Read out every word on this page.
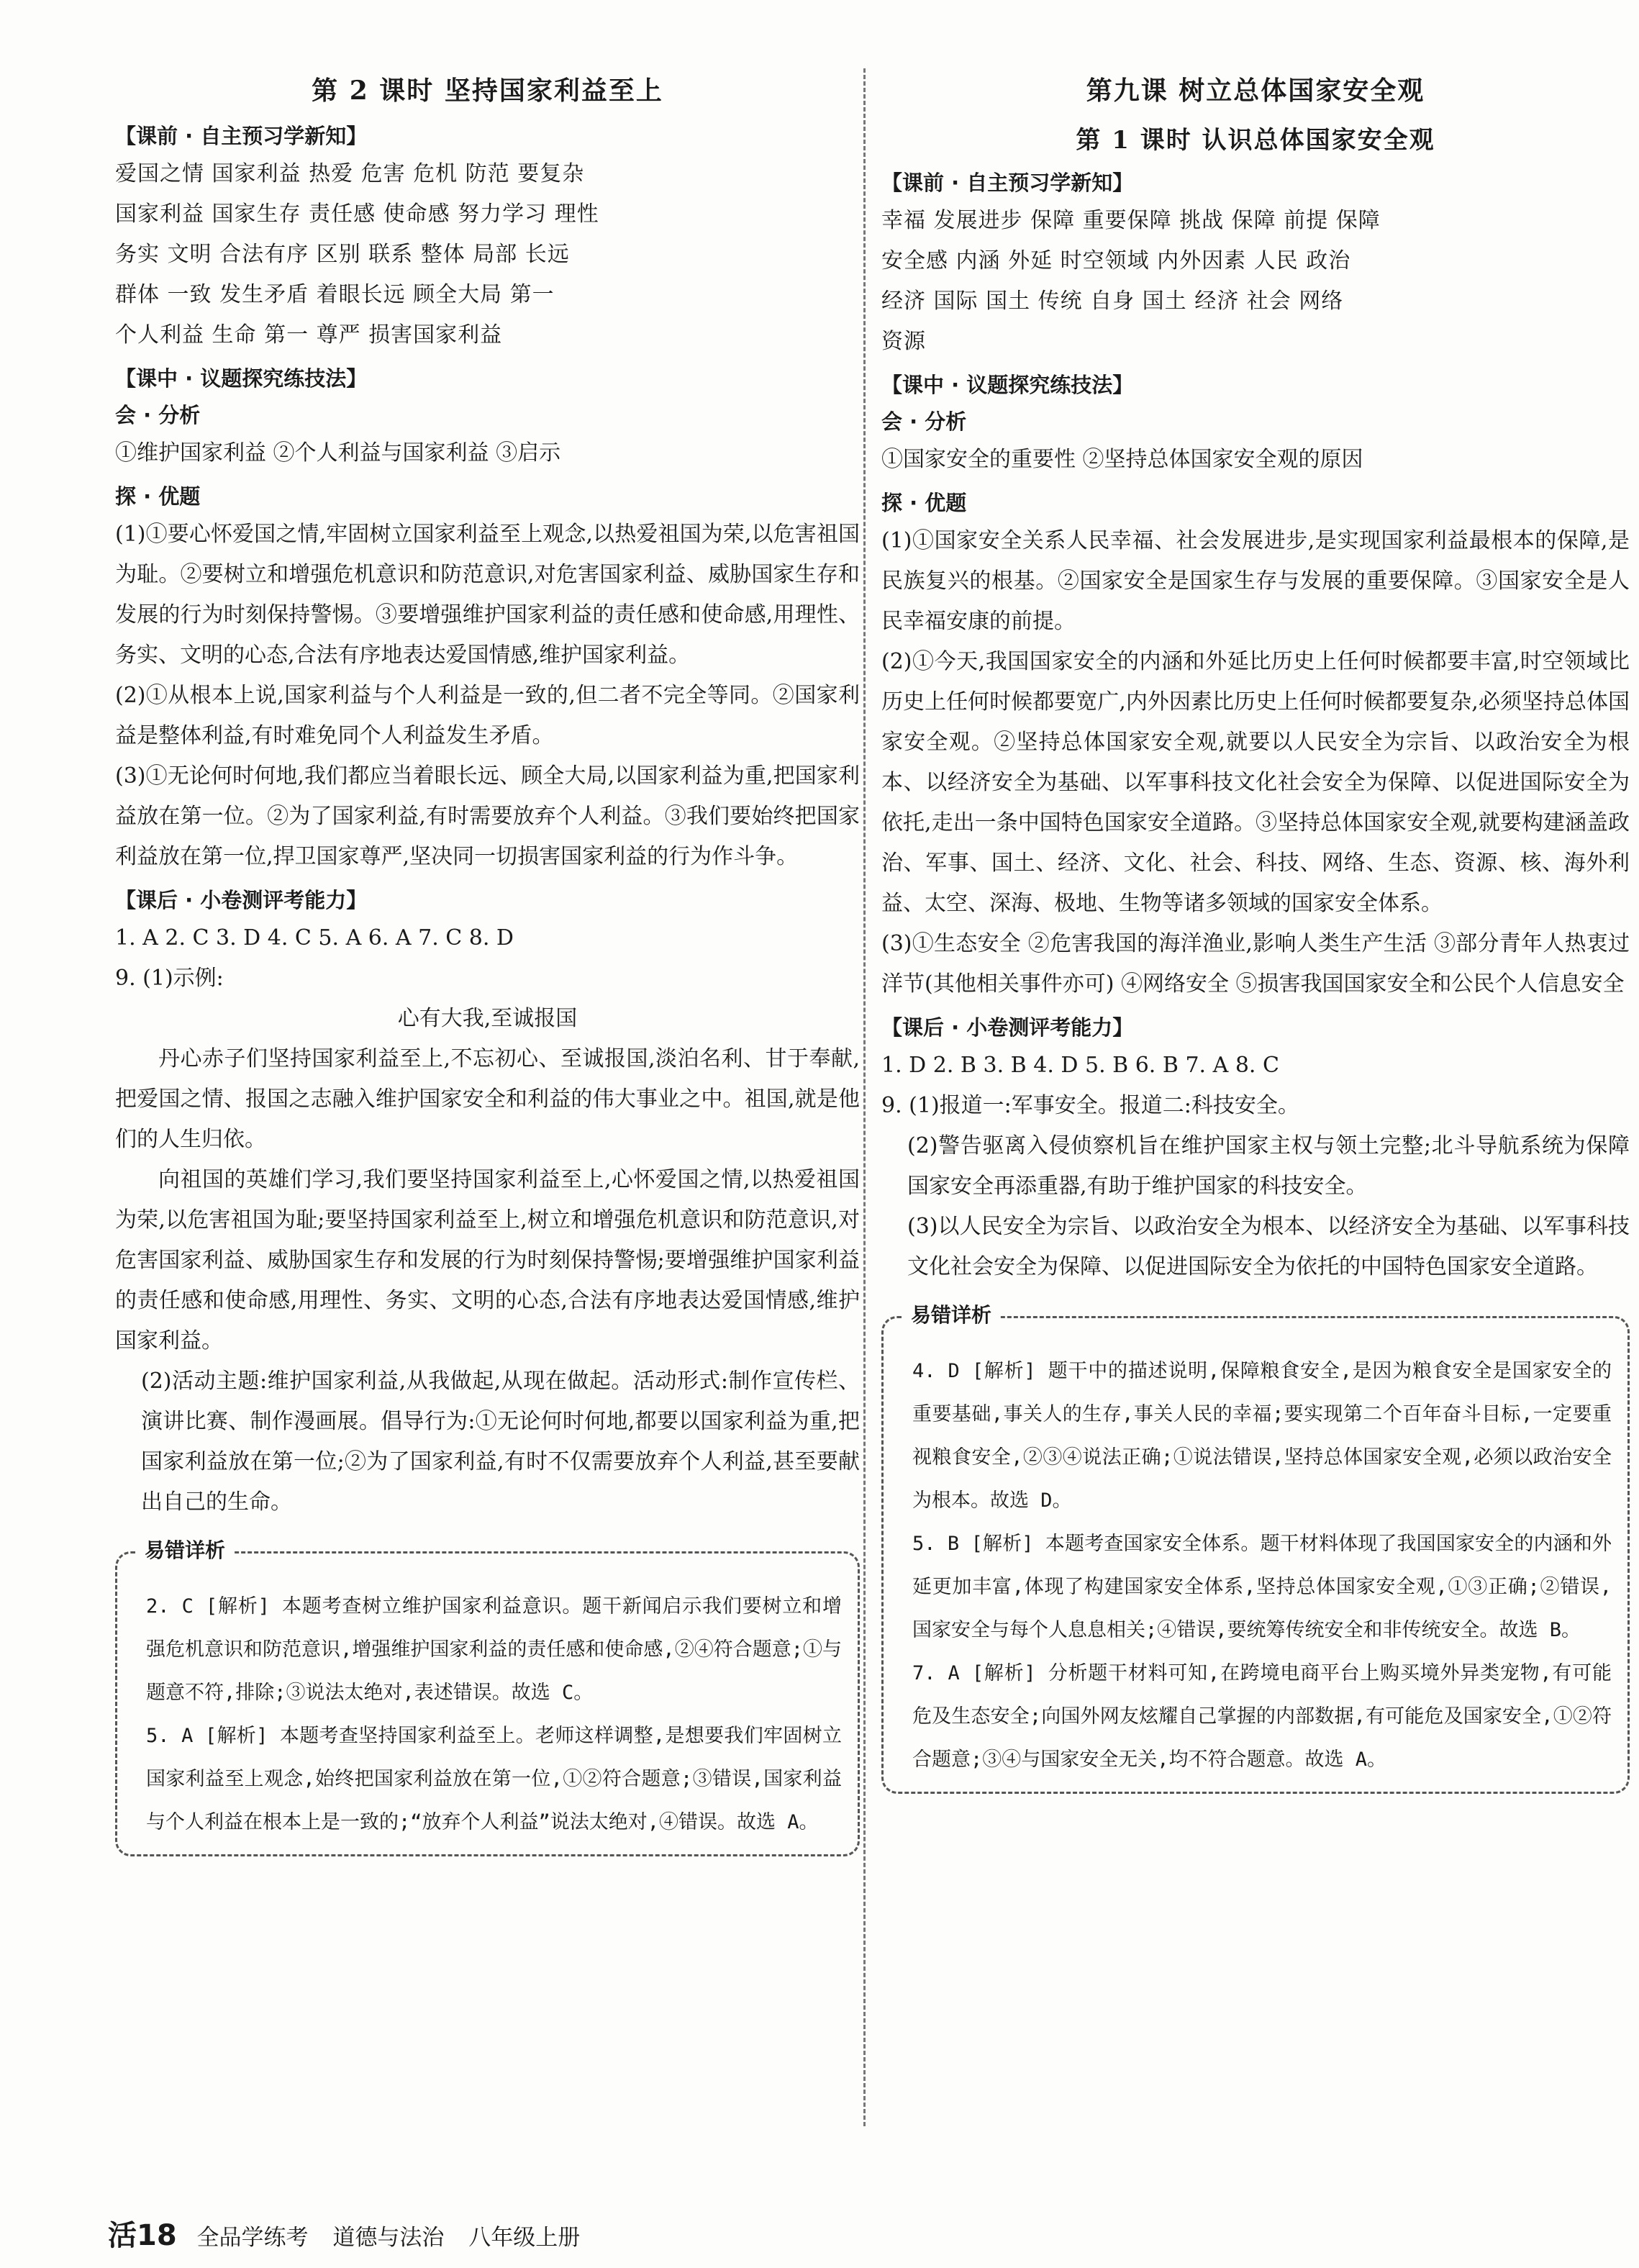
第 2 课时 坚持国家利益至上
【课前 · 自主预习学新知】
爱国之情 国家利益 热爱 危害 危机 防范 要复杂
国家利益 国家生存 责任感 使命感 努力学习 理性
务实 文明 合法有序 区别 联系 整体 局部 长远
群体 一致 发生矛盾 着眼长远 顾全大局 第一
个人利益 生命 第一 尊严 损害国家利益
【课中 · 议题探究练技法】
会 · 分析
①维护国家利益 ②个人利益与国家利益 ③启示
探 · 优题
(1)①要心怀爱国之情,牢固树立国家利益至上观念,以热爱祖国为荣,以危害祖国为耻。②要树立和增强危机意识和防范意识,对危害国家利益、威胁国家生存和发展的行为时刻保持警惕。③要增强维护国家利益的责任感和使命感,用理性、务实、文明的心态,合法有序地表达爱国情感,维护国家利益。
(2)①从根本上说,国家利益与个人利益是一致的,但二者不完全等同。②国家利益是整体利益,有时难免同个人利益发生矛盾。
(3)①无论何时何地,我们都应当着眼长远、顾全大局,以国家利益为重,把国家利益放在第一位。②为了国家利益,有时需要放弃个人利益。③我们要始终把国家利益放在第一位,捍卫国家尊严,坚决同一切损害国家利益的行为作斗争。
【课后 · 小卷测评考能力】
1. A 2. C 3. D 4. C 5. A 6. A 7. C 8. D
9. (1)示例:
心有大我,至诚报国
丹心赤子们坚持国家利益至上,不忘初心、至诚报国,淡泊名利、甘于奉献,把爱国之情、报国之志融入维护国家安全和利益的伟大事业之中。祖国,就是他们的人生归依。
向祖国的英雄们学习,我们要坚持国家利益至上,心怀爱国之情,以热爱祖国为荣,以危害祖国为耻;要坚持国家利益至上,树立和增强危机意识和防范意识,对危害国家利益、威胁国家生存和发展的行为时刻保持警惕;要增强维护国家利益的责任感和使命感,用理性、务实、文明的心态,合法有序地表达爱国情感,维护国家利益。
(2)活动主题:维护国家利益,从我做起,从现在做起。活动形式:制作宣传栏、演讲比赛、制作漫画展。倡导行为:①无论何时何地,都要以国家利益为重,把国家利益放在第一位;②为了国家利益,有时不仅需要放弃个人利益,甚至要献出自己的生命。
易错详析
2. C [解析] 本题考查树立维护国家利益意识。题干新闻启示我们要树立和增强危机意识和防范意识,增强维护国家利益的责任感和使命感,②④符合题意;①与题意不符,排除;③说法太绝对,表述错误。故选 C。
5. A [解析] 本题考查坚持国家利益至上。老师这样调整,是想要我们牢固树立国家利益至上观念,始终把国家利益放在第一位,①②符合题意;③错误,国家利益与个人利益在根本上是一致的;“放弃个人利益”说法太绝对,④错误。故选 A。
第九课 树立总体国家安全观
第 1 课时 认识总体国家安全观
【课前 · 自主预习学新知】
幸福 发展进步 保障 重要保障 挑战 保障 前提 保障
安全感 内涵 外延 时空领域 内外因素 人民 政治
经济 国际 国土 传统 自身 国土 经济 社会 网络
资源
【课中 · 议题探究练技法】
会 · 分析
①国家安全的重要性 ②坚持总体国家安全观的原因
探 · 优题
(1)①国家安全关系人民幸福、社会发展进步,是实现国家利益最根本的保障,是民族复兴的根基。②国家安全是国家生存与发展的重要保障。③国家安全是人民幸福安康的前提。
(2)①今天,我国国家安全的内涵和外延比历史上任何时候都要丰富,时空领域比历史上任何时候都要宽广,内外因素比历史上任何时候都要复杂,必须坚持总体国家安全观。②坚持总体国家安全观,就要以人民安全为宗旨、以政治安全为根本、以经济安全为基础、以军事科技文化社会安全为保障、以促进国际安全为依托,走出一条中国特色国家安全道路。③坚持总体国家安全观,就要构建涵盖政治、军事、国土、经济、文化、社会、科技、网络、生态、资源、核、海外利益、太空、深海、极地、生物等诸多领域的国家安全体系。
(3)①生态安全 ②危害我国的海洋渔业,影响人类生产生活 ③部分青年人热衷过洋节(其他相关事件亦可) ④网络安全 ⑤损害我国国家安全和公民个人信息安全
【课后 · 小卷测评考能力】
1. D 2. B 3. B 4. D 5. B 6. B 7. A 8. C
9. (1)报道一:军事安全。报道二:科技安全。
(2)警告驱离入侵侦察机旨在维护国家主权与领土完整;北斗导航系统为保障国家安全再添重器,有助于维护国家的科技安全。
(3)以人民安全为宗旨、以政治安全为根本、以经济安全为基础、以军事科技文化社会安全为保障、以促进国际安全为依托的中国特色国家安全道路。
易错详析
4. D [解析] 题干中的描述说明,保障粮食安全,是因为粮食安全是国家安全的重要基础,事关人的生存,事关人民的幸福;要实现第二个百年奋斗目标,一定要重视粮食安全,②③④说法正确;①说法错误,坚持总体国家安全观,必须以政治安全为根本。故选 D。
5. B [解析] 本题考查国家安全体系。题干材料体现了我国国家安全的内涵和外延更加丰富,体现了构建国家安全体系,坚持总体国家安全观,①③正确;②错误,国家安全与每个人息息相关;④错误,要统筹传统安全和非传统安全。故选 B。
7. A [解析] 分析题干材料可知,在跨境电商平台上购买境外异类宠物,有可能危及生态安全;向国外网友炫耀自己掌握的内部数据,有可能危及国家安全,①②符合题意;③④与国家安全无关,均不符合题意。故选 A。
活18 全品学练考 道德与法治 八年级上册
